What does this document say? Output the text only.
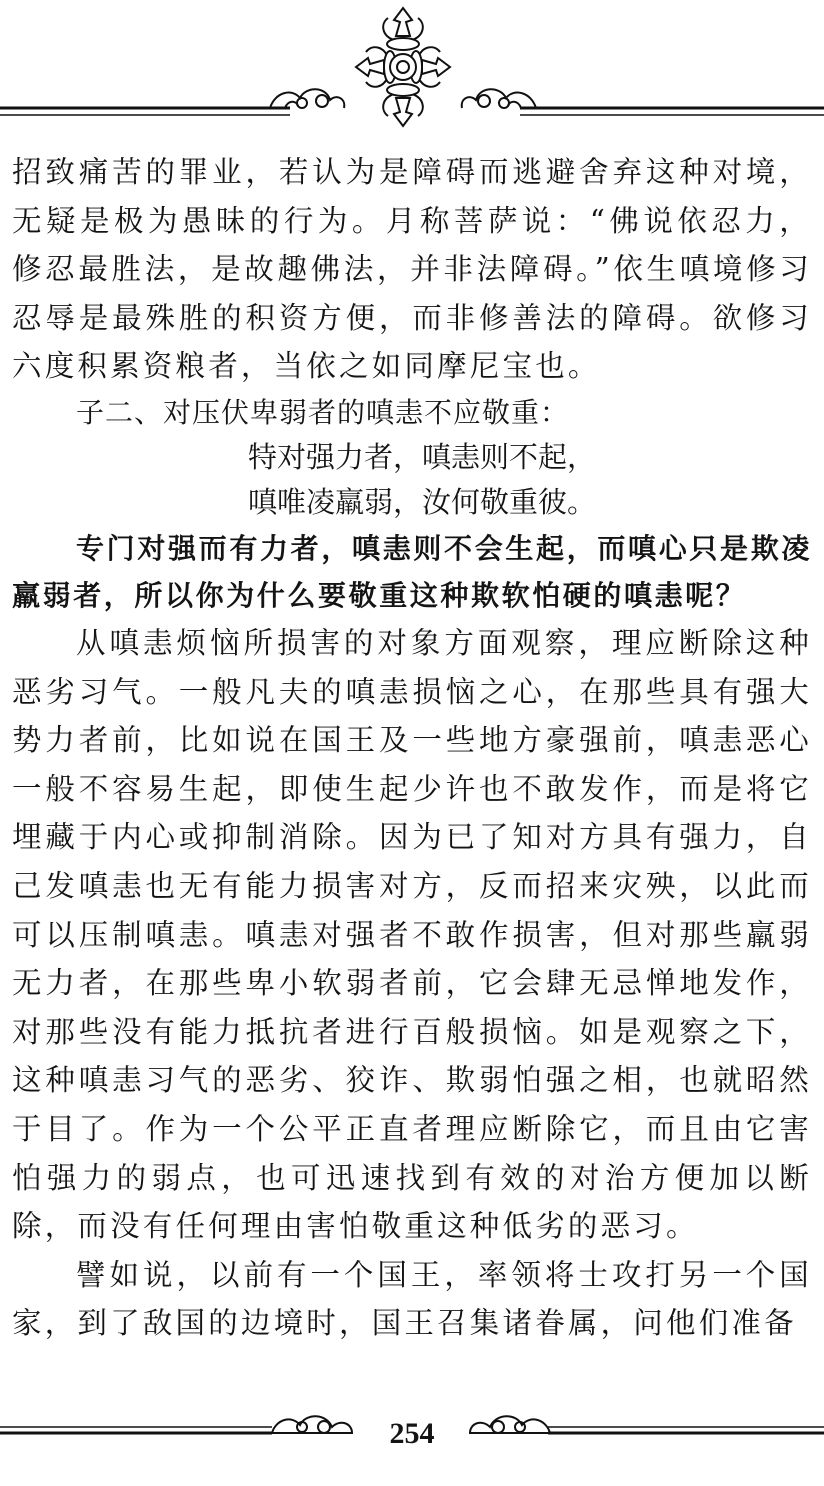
招致痛苦的罪业，若认为是障碍而逃避舍弃这种对境，无疑是极为愚昧的行为。月称菩萨说：“佛说依忍力，修忍最胜法，是故趣佛法，并非法障碍。”依生嗔境修习忍辱是最殊胜的积资方便，而非修善法的障碍。欲修习六度积累资粮者，当依之如同摩尼宝也。

子二、对压伏卑弱者的嗔恚不应敬重：

特对强力者，嗔恚则不起，

嗔唯凌羸弱，汝何敬重彼。

专门对强而有力者，嗔恚则不会生起，而嗔心只是欺凌羸弱者，所以你为什么要敬重这种欺软怕硬的嗔恚呢？

从嗔恚烦恼所损害的对象方面观察，理应断除这种恶劣习气。一般凡夫的嗔恚损恼之心，在那些具有强大势力者前，比如说在国王及一些地方豪强前，嗔恚恶心一般不容易生起，即使生起少许也不敢发作，而是将它埋藏于内心或抑制消除。因为已了知对方具有强力，自己发嗔恚也无有能力损害对方，反而招来灾殃，以此而可以压制嗔恚。嗔恚对强者不敢作损害，但对那些羸弱无力者，在那些卑小软弱者前，它会肆无忌惮地发作，对那些没有能力抵抗者进行百般损恼。如是观察之下，这种嗔恚习气的恶劣、狡诈、欺弱怕强之相，也就昭然于目了。作为一个公平正直者理应断除它，而且由它害怕强力的弱点，也可迅速找到有效的对治方便加以断除，而没有任何理由害怕敬重这种低劣的恶习。

譬如说，以前有一个国王，率领将士攻打另一个国家，到了敌国的边境时，国王召集诸眷属，问他们准备

254
